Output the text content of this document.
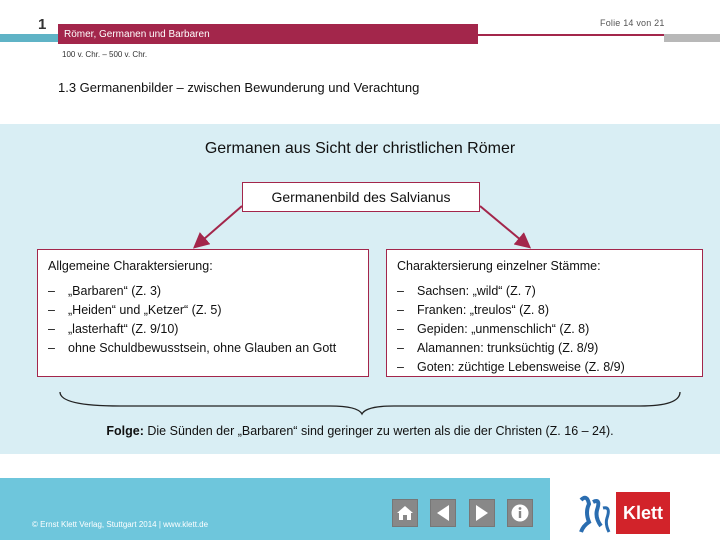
1
Römer, Germanen und Barbaren
Folie 14 von 21
100 v. Chr. – 500 v. Chr.
1.3 Germanenbilder – zwischen Bewunderung und Verachtung
Germanen aus Sicht der christlichen Römer
Germanenbild des Salvianus
Allgemeine Charaktersierung:
– „Barbaren“ (Z. 3)
– „Heiden“ und „Ketzer“ (Z. 5)
– „lasterhaft“ (Z. 9/10)
– ohne Schuldbewusstsein, ohne Glauben an Gott
Charaktersierung einzelner Stämme:
– Sachsen: „wild“ (Z. 7)
– Franken: „treulos“ (Z. 8)
– Gepiden: „unmenschlich“ (Z. 8)
– Alamannen: trunksüchtig (Z. 8/9)
– Goten: züchtige Lebensweise (Z. 8/9)
Folge: Die Sünden der „Barbaren“ sind geringer zu werten als die der Christen (Z. 16 – 24).
© Ernst Klett Verlag, Stuttgart 2014 | www.klett.de
Klett
